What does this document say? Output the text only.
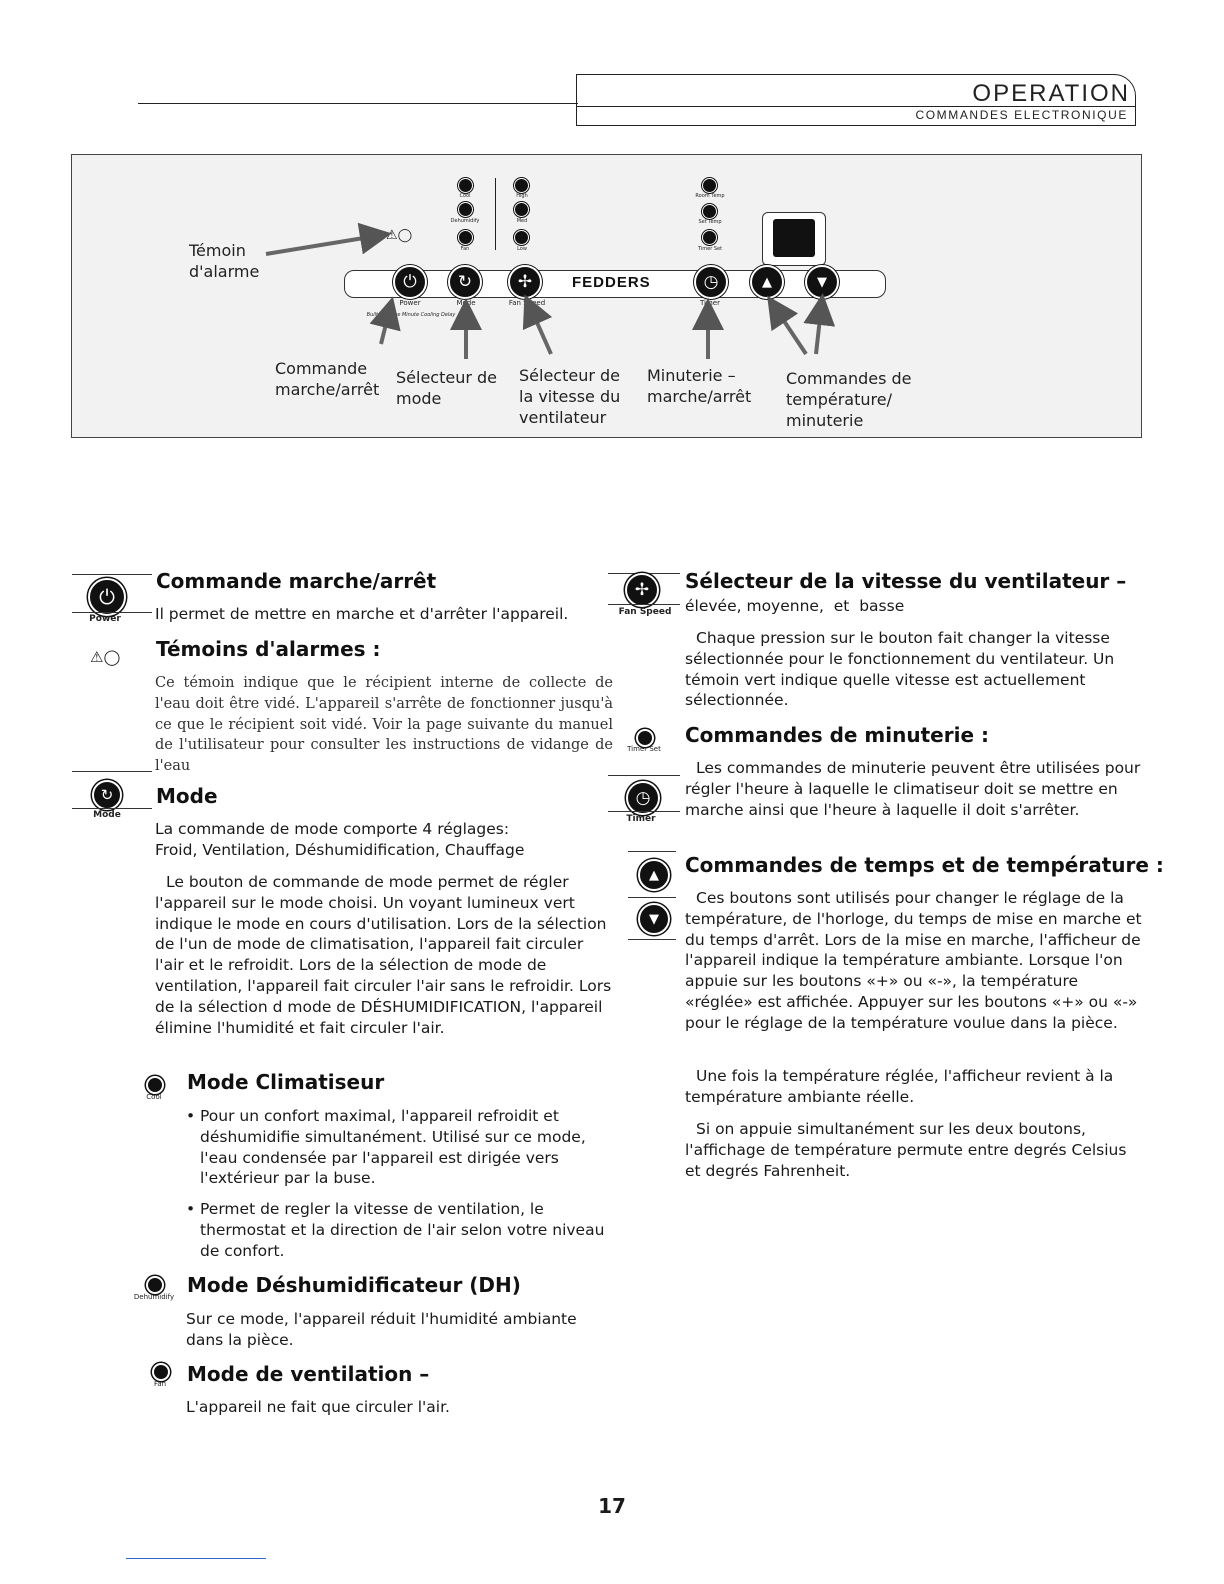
OPERATION
COMMANDES ELECTRONIQUE
Cool
Dehumidify
Fan
High
Med
Low
Room Temp
Set Temp
Timer Set
⚠◯
⏻	↻	✢	FEDDERS	◷	▲	▼
Power	Mode	Fan Speed	Timer
Built-in Three Minute Cooling Delay
Témoin
d'alarme
Commande
marche/arrêt
Sélecteur de
mode
Sélecteur de
la vitesse du
ventilateur
Minuterie –
marche/arrêt
Commandes de
température/
minuterie
⏻
Power
Commande marche/arrêt
Il permet de mettre en marche et d'arrêter l'appareil.
⚠◯ Témoins d'alarmes :
Ce témoin indique que le récipient interne de collecte de l'eau doit être vidé. L'appareil s'arrête de fonctionner jusqu'à ce que le récipient soit vidé. Voir la page suivante du manuel de l'utilisateur pour consulter les instructions de vidange de l'eau
↻
Mode
Mode
La commande de mode comporte 4 réglages:
Froid, Ventilation, Déshumidification, Chauffage
Le bouton de commande de mode permet de régler l'appareil sur le mode choisi. Un voyant lumineux vert indique le mode en cours d'utilisation. Lors de la sélection de l'un de mode de climatisation, l'appareil fait circuler l'air et le refroidit. Lors de la sélection de mode de ventilation, l'appareil fait circuler l'air sans le refroidir. Lors de la sélection d mode de DÉSHUMIDIFICATION, l'appareil élimine l'humidité et fait circuler l'air.
Cool
Mode Climatiseur
• Pour un confort maximal, l'appareil refroidit et déshumidifie simultanément. Utilisé sur ce mode, l'eau condensée par l'appareil est dirigée vers l'extérieur par la buse.
• Permet de regler la vitesse de ventilation, le thermostat et la direction de l'air selon votre niveau de confort.
Dehumidify Mode Déshumidificateur (DH)
Sur ce mode, l'appareil réduit l'humidité ambiante dans la pièce.
Fan	Mode de ventilation –
L'appareil ne fait que circuler l'air.
✢
Fan Speed
Sélecteur de la vitesse du ventilateur –
élevée, moyenne,  et  basse
Chaque pression sur le bouton fait changer la vitesse sélectionnée pour le fonctionnement du ventilateur. Un témoin vert indique quelle vitesse est actuellement sélectionnée.
Timer Set
◷
Timer
Commandes de minuterie :
Les commandes de minuterie peuvent être utilisées pour régler l'heure à laquelle le climatiseur doit se mettre en marche ainsi que l'heure à laquelle il doit s'arrêter.
▲
▼
Commandes de temps et de température :
Ces boutons sont utilisés pour changer le réglage de la température, de l'horloge, du temps de mise en marche et du temps d'arrêt. Lors de la mise en marche, l'afficheur de l'appareil indique la température ambiante. Lorsque l'on appuie sur les boutons «+» ou «-», la température «réglée» est affichée. Appuyer sur les boutons «+» ou «-» pour le réglage de la température voulue dans la pièce.
Une fois la température réglée, l'afficheur revient à la température ambiante réelle.
Si on appuie simultanément sur les deux boutons, l'affichage de température permute entre degrés Celsius et degrés Fahrenheit.
17
